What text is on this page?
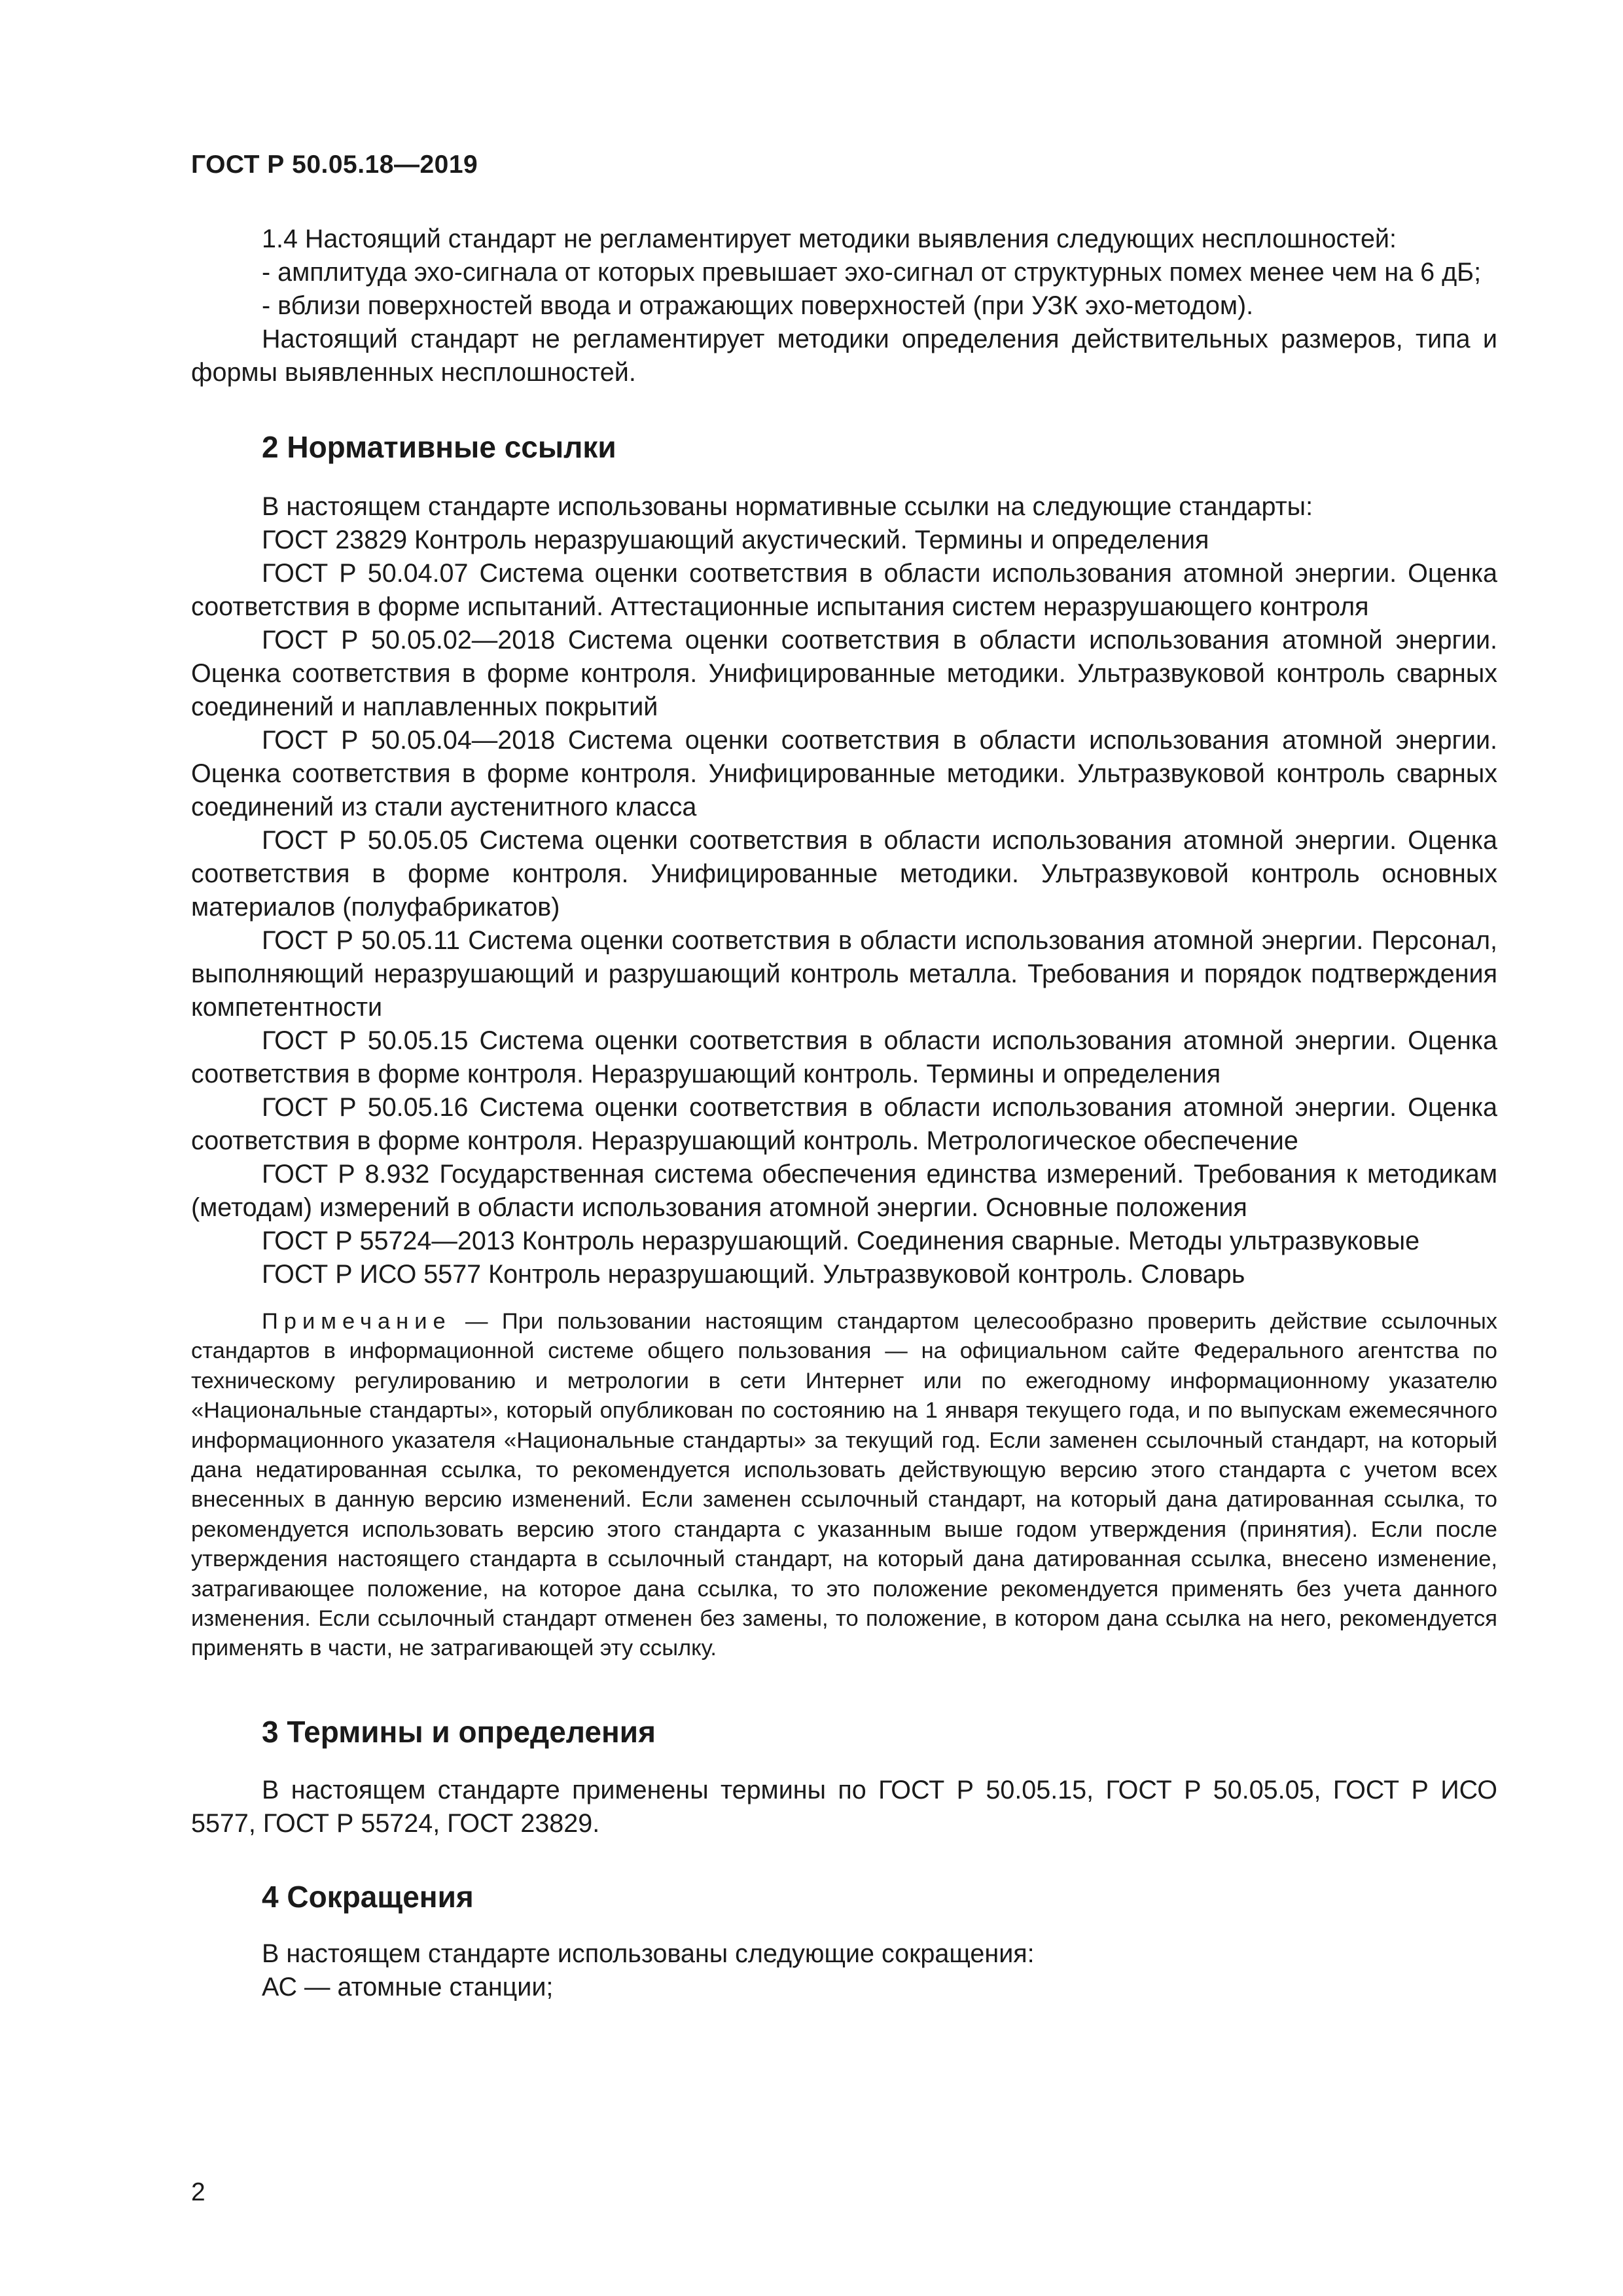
ГОСТ Р 50.05.18—2019

1.4 Настоящий стандарт не регламентирует методики выявления следующих несплошностей:

- амплитуда эхо-сигнала от которых превышает эхо-сигнал от структурных помех менее чем на 6 дБ;

- вблизи поверхностей ввода и отражающих поверхностей (при УЗК эхо-методом).

Настоящий стандарт не регламентирует методики определения действительных размеров, типа и формы выявленных несплошностей.

2 Нормативные ссылки

В настоящем стандарте использованы нормативные ссылки на следующие стандарты:

ГОСТ 23829 Контроль неразрушающий акустический. Термины и определения

ГОСТ Р 50.04.07 Система оценки соответствия в области использования атомной энергии. Оценка соответствия в форме испытаний. Аттестационные испытания систем неразрушающего контроля

ГОСТ Р 50.05.02—2018 Система оценки соответствия в области использования атомной энергии. Оценка соответствия в форме контроля. Унифицированные методики. Ультразвуковой контроль сварных соединений и наплавленных покрытий

ГОСТ Р 50.05.04—2018 Система оценки соответствия в области использования атомной энергии. Оценка соответствия в форме контроля. Унифицированные методики. Ультразвуковой контроль сварных соединений из стали аустенитного класса

ГОСТ Р 50.05.05 Система оценки соответствия в области использования атомной энергии. Оценка соответствия в форме контроля. Унифицированные методики. Ультразвуковой контроль основных материалов (полуфабрикатов)

ГОСТ Р 50.05.11 Система оценки соответствия в области использования атомной энергии. Персонал, выполняющий неразрушающий и разрушающий контроль металла. Требования и порядок подтверждения компетентности

ГОСТ Р 50.05.15 Система оценки соответствия в области использования атомной энергии. Оценка соответствия в форме контроля. Неразрушающий контроль. Термины и определения

ГОСТ Р 50.05.16 Система оценки соответствия в области использования атомной энергии. Оценка соответствия в форме контроля. Неразрушающий контроль. Метрологическое обеспечение

ГОСТ Р 8.932 Государственная система обеспечения единства измерений. Требования к методикам (методам) измерений в области использования атомной энергии. Основные положения

ГОСТ Р 55724—2013 Контроль неразрушающий. Соединения сварные. Методы ультразвуковые

ГОСТ Р ИСО 5577 Контроль неразрушающий. Ультразвуковой контроль. Словарь

Примечание — При пользовании настоящим стандартом целесообразно проверить действие ссылочных стандартов в информационной системе общего пользования — на официальном сайте Федерального агентства по техническому регулированию и метрологии в сети Интернет или по ежегодному информационному указателю «Национальные стандарты», который опубликован по состоянию на 1 января текущего года, и по выпускам ежемесячного информационного указателя «Национальные стандарты» за текущий год. Если заменен ссылочный стандарт, на который дана недатированная ссылка, то рекомендуется использовать действующую версию этого стандарта с учетом всех внесенных в данную версию изменений. Если заменен ссылочный стандарт, на который дана датированная ссылка, то рекомендуется использовать версию этого стандарта с указанным выше годом утверждения (принятия). Если после утверждения настоящего стандарта в ссылочный стандарт, на который дана датированная ссылка, внесено изменение, затрагивающее положение, на которое дана ссылка, то это положение рекомендуется применять без учета данного изменения. Если ссылочный стандарт отменен без замены, то положение, в котором дана ссылка на него, рекомендуется применять в части, не затрагивающей эту ссылку.

3 Термины и определения

В настоящем стандарте применены термины по ГОСТ Р 50.05.15, ГОСТ Р 50.05.05, ГОСТ Р ИСО 5577, ГОСТ Р 55724, ГОСТ 23829.

4 Сокращения

В настоящем стандарте использованы следующие сокращения:

АС — атомные станции;

2
